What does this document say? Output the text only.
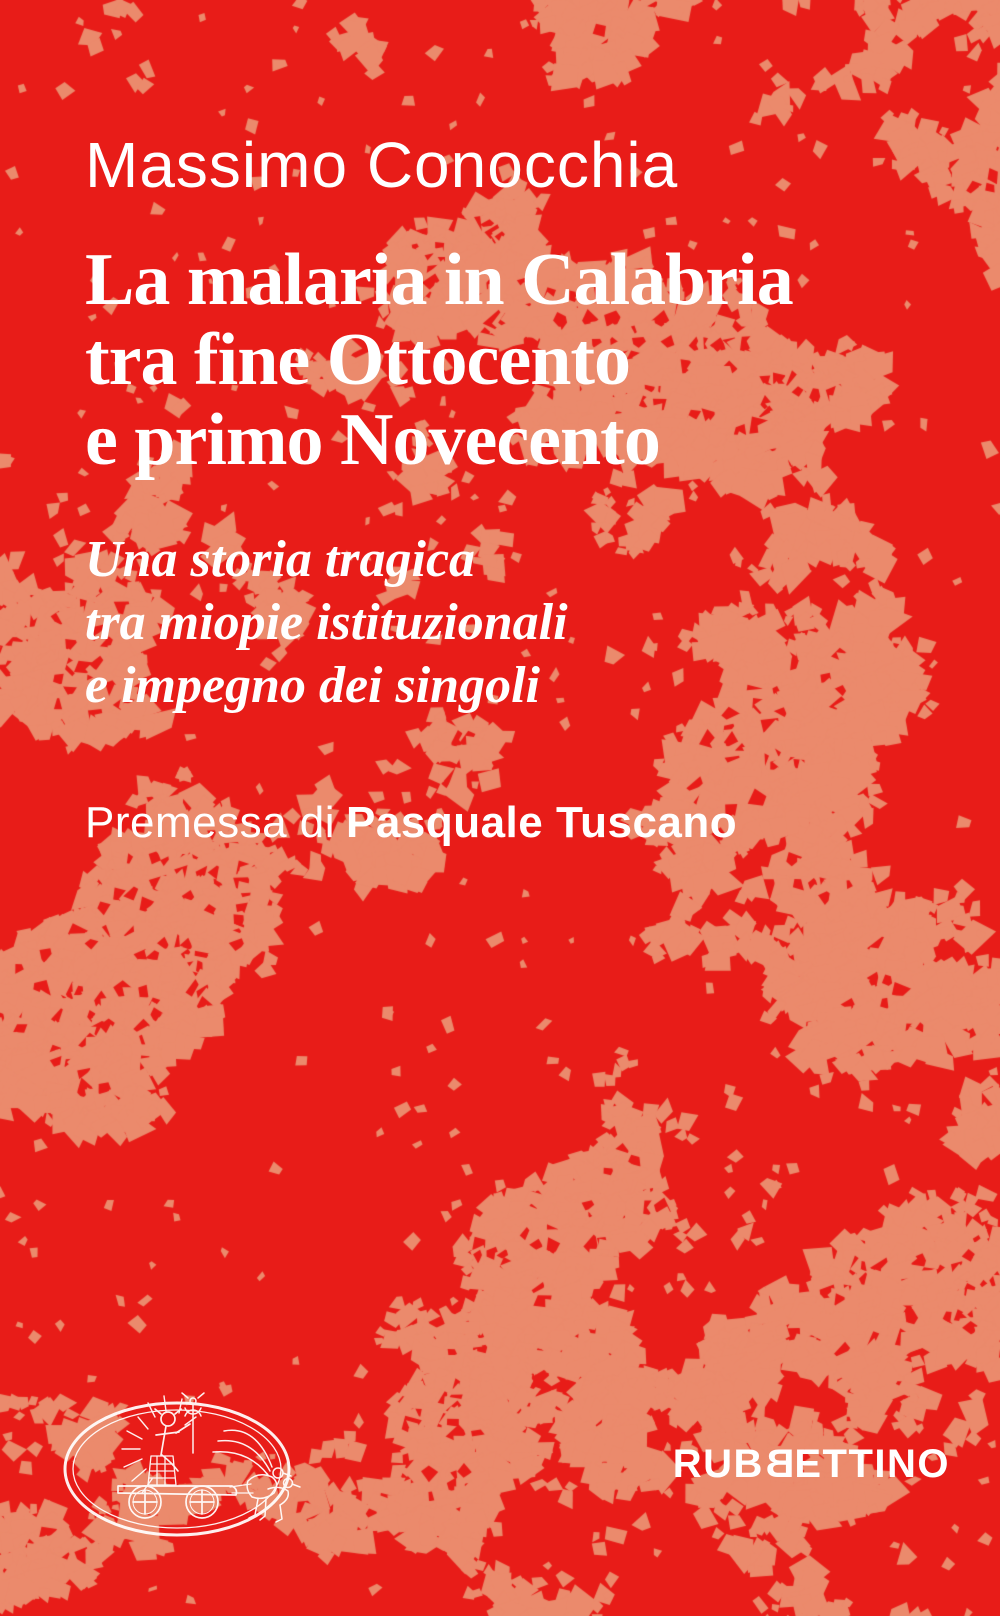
Massimo Conocchia
La malaria in Calabria
tra fine Ottocento
e primo Novecento
Una storia tragica
tra miopie istituzionali
e impegno dei singoli
Premessa di Pasquale Tuscano
RUBBETTINO
